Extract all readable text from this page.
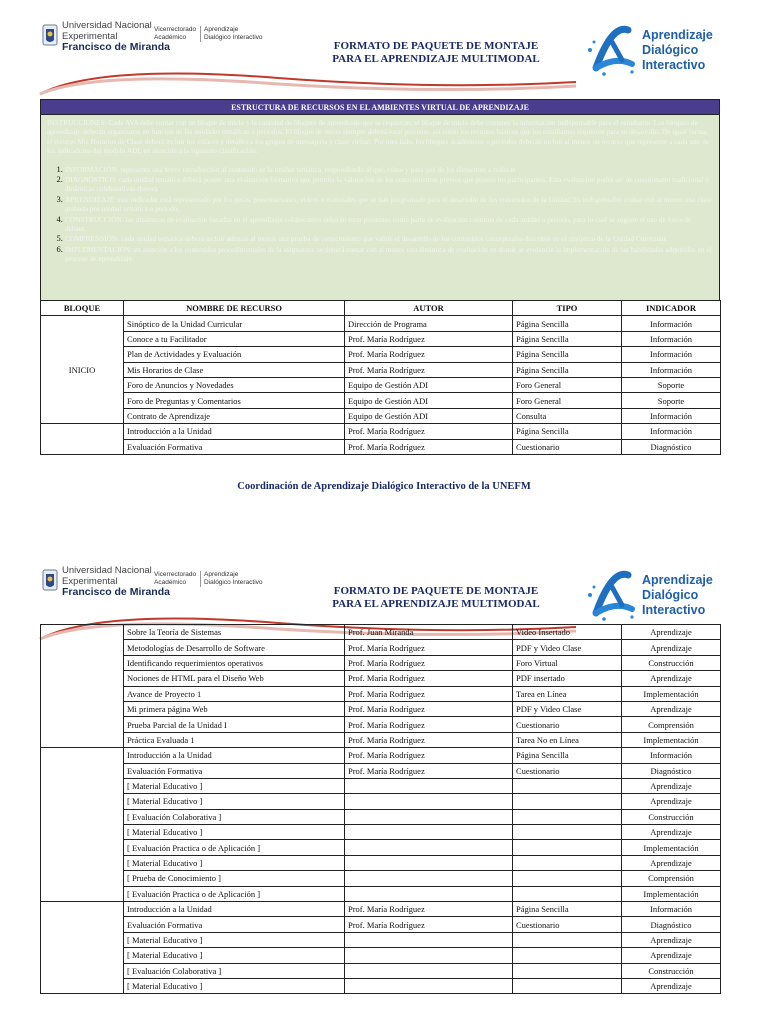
Universidad Nacional
Experimental
Francisco de Miranda
Vicerrectorado
Académico
Aprendizaje
Dialógico Interactivo
FORMATO DE PAQUETE DE MONTAJE
PARA EL APRENDIZAJE MULTIMODAL
Aprendizaje
Dialógico
Interactivo
ESTRUCTURA DE RECURSOS EN EL AMBIENTES VIRTUAL DE APRENDIZAJE

INSTRUCCIONES: Cada AVA debe contar con un bloque de inicio y la cantidad de bloques de aprendizaje que se requieran; el bloque de inicio debe contener la información indispensable para el estudiante. Los bloques de aprendizaje deberán organizarse en función de las unidades temáticas o periodos. El bloque de inicio siempre deberá estar presente, así como los recursos básicos que los estudiantes requieren para su desarrollo. De igual forma, el recurso Mis Horarios de Clase deberá incluir los enlaces y detalles a los grupos de mensajería y clase virtual. Por otro lado, los bloques académicos o periodos deberán incluir al menos un recurso que represente a cada uno de los indicadores del modelo ADI, en atención a la siguiente clasificación:

1. INFORMACIÓN: representa una breve introducción al contenido de la unidad temática, respondiendo al qué, cómo y para qué de los elementos a realizar.
2. DIAGNÓSTICO: cada unidad temática deberá poseer una evaluación formativa que permita la valoración de los conocimientos previos que poseen los participantes. Esta evaluación podrá ser un cuestionario tradicional o dinámicas colaborativas (foros).
3. APRENDIZAJE: este indicador está representado por los guías, presentaciones, videos o materiales que se han programado para el desarrollo de los contenidos de la Unidad. Es indispensable contar con al menos una clase grabada por unidad temática o periodo.
4. CONSTRUCCIÓN: las dinámicas de evaluación basadas en el aprendizaje colaborativo deberán estar presentes como parte de evaluación continua de cada unidad o periodo, para lo cual se sugiere el uso de foros de debate.
5. COMPRENSIÓN: cada unidad temática deberá incluir además al menos una prueba de conocimiento que valide el desarrollo de los contenidos conceptuales descritos en el sinóptico de la Unidad Curricular.
6. IMPLEMENTACIÓN: en atención a los contenidos procedimentales de la asignatura, se deberá contar con al menos una dinámica de evaluación en donde se evidencie la implementación de las habilidades adquiridas en el proceso de aprendizaje.
BLOQUE	NOMBRE DE RECURSO	AUTOR	TIPO	INDICADOR
INICIO	Sinóptico de la Unidad Curricular	Dirección de Programa	Página Sencilla	Información
	Conoce a tu Facilitador	Prof. María Rodríguez	Página Sencilla	Información
	Plan de Actividades y Evaluación	Prof. María Rodríguez	Página Sencilla	Información
	Mis Horarios de Clase	Prof. María Rodríguez	Página Sencilla	Información
	Foro de Anuncios y Novedades	Equipo de Gestión ADI	Foro General	Soporte
	Foro de Preguntas y Comentarios	Equipo de Gestión ADI	Foro General	Soporte
	Contrato de Aprendizaje	Equipo de Gestión ADI	Consulta	Información
	Introducción a la Unidad	Prof. María Rodríguez	Página Sencilla	Información
	Evaluación Formativa	Prof. María Rodríguez	Cuestionario	Diagnóstico
Coordinación de Aprendizaje Dialógico Interactivo de la UNEFM
Universidad Nacional
Experimental
Francisco de Miranda
Vicerrectorado
Académico
Aprendizaje
Dialógico Interactivo
FORMATO DE PAQUETE DE MONTAJE
PARA EL APRENDIZAJE MULTIMODAL
Aprendizaje
Dialógico
Interactivo
	Sobre la Teoría de Sistemas	Prof. Juan Miranda	Video Insertado	Aprendizaje
	Metodologías de Desarrollo de Software	Prof. María Rodríguez	PDF y Video Clase	Aprendizaje
	Identificando requerimientos operativos	Prof. María Rodríguez	Foro Virtual	Construcción
	Nociones de HTML para el Diseño Web	Prof. María Rodríguez	PDF insertado	Aprendizaje
	Avance de Proyecto 1	Prof. María Rodríguez	Tarea en Línea	Implementación
	Mi primera página Web	Prof. María Rodríguez	PDF y Video Clase	Aprendizaje
	Prueba Parcial de la Unidad I	Prof. María Rodríguez	Cuestionario	Comprensión
	Práctica Evaluada 1	Prof. María Rodríguez	Tarea No en Línea	Implementación
	Introducción a la Unidad	Prof. María Rodríguez	Página Sencilla	Información
	Evaluación Formativa	Prof. María Rodríguez	Cuestionario	Diagnóstico
	[ Material Educativo ]			Aprendizaje
	[ Material Educativo ]			Aprendizaje
	[ Evaluación Colaborativa ]			Construcción
	[ Material Educativo ]			Aprendizaje
	[ Evaluación Practica o de Aplicación ]			Implementación
	[ Material Educativo ]			Aprendizaje
	[ Prueba de Conocimiento ]			Comprensión
	[ Evaluación Practica o de Aplicación ]			Implementación
	Introducción a la Unidad	Prof. María Rodríguez	Página Sencilla	Información
	Evaluación Formativa	Prof. María Rodríguez	Cuestionario	Diagnóstico
	[ Material Educativo ]			Aprendizaje
	[ Material Educativo ]			Aprendizaje
	[ Evaluación Colaborativa ]			Construcción
	[ Material Educativo ]			Aprendizaje
